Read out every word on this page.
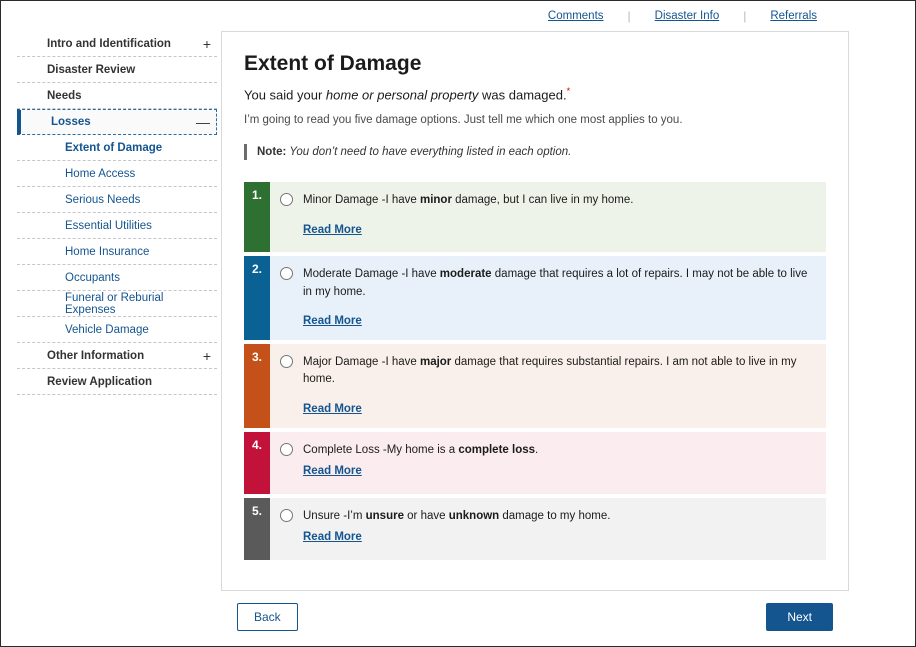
Comments | Disaster Info | Referrals
Intro and Identification +
Disaster Review
Needs
Losses	—
Extent of Damage
Home Access
Serious Needs
Essential Utilities
Home Insurance
Occupants
Funeral or Reburial Expenses
Vehicle Damage
Other Information	+
Review Application
Extent of Damage
You said your home or personal property was damaged.*
I’m going to read you five damage options. Just tell me which one most applies to you.
Note: You don’t need to have everything listed in each option.
1.	Minor Damage -I have minor damage, but I can live in my home.
Read More
2.	Moderate Damage -I have moderate damage that requires a lot of repairs. I may not be able to live in my home.
Read More
3.	Major Damage -I have major damage that requires substantial repairs. I am not able to live in my home.
Read More
4.	Complete Loss -My home is a complete loss.
Read More
5.	Unsure -I’m unsure or have unknown damage to my home.
Read More
Back	Next
